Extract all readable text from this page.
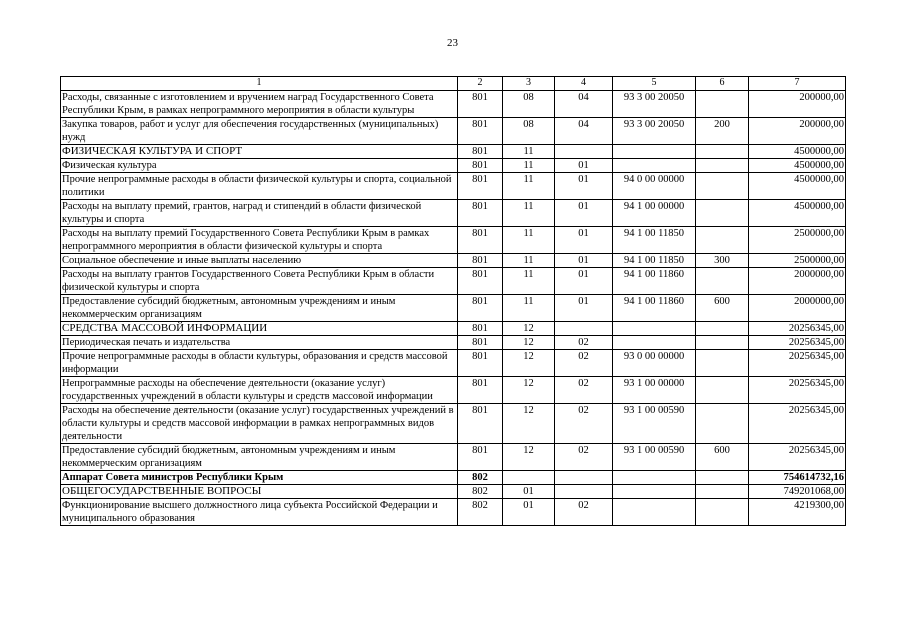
23
1	2	3	4	5	6	7
Расходы, связанные с изготовлением и вручением наград Государственного Совета Республики Крым, в рамках непрограммного мероприятия в области культуры	801	08	04	93 3 00 20050		200000,00
Закупка товаров, работ и услуг для обеспечения государственных (муниципальных) нужд	801	08	04	93 3 00 20050	200	200000,00
ФИЗИЧЕСКАЯ КУЛЬТУРА И СПОРТ	801	11				4500000,00
Физическая культура	801	11	01			4500000,00
Прочие непрограммные расходы в области физической культуры и спорта, социальной политики	801	11	01	94 0 00 00000		4500000,00
Расходы на выплату премий, грантов, наград и стипендий в области физической культуры и спорта	801	11	01	94 1 00 00000		4500000,00
Расходы на выплату премий Государственного Совета Республики Крым в рамках непрограммного мероприятия в области физической культуры и спорта	801	11	01	94 1 00 11850		2500000,00
Социальное обеспечение и иные выплаты населению	801	11	01	94 1 00 11850	300	2500000,00
Расходы на выплату грантов Государственного Совета Республики Крым в области физической культуры и спорта	801	11	01	94 1 00 11860		2000000,00
Предоставление субсидий бюджетным, автономным учреждениям и иным некоммерческим организациям	801	11	01	94 1 00 11860	600	2000000,00
СРЕДСТВА МАССОВОЙ ИНФОРМАЦИИ	801	12				20256345,00
Периодическая печать и издательства	801	12	02			20256345,00
Прочие непрограммные расходы в области культуры, образования и средств массовой информации	801	12	02	93 0 00 00000		20256345,00
Непрограммные расходы на обеспечение деятельности (оказание услуг) государственных учреждений в области культуры и средств массовой информации	801	12	02	93 1 00 00000		20256345,00
Расходы на обеспечение деятельности (оказание услуг) государственных учреждений в области культуры и средств массовой информации в рамках непрограммных видов деятельности	801	12	02	93 1 00 00590		20256345,00
Предоставление субсидий бюджетным, автономным учреждениям и иным некоммерческим организациям	801	12	02	93 1 00 00590	600	20256345,00
Аппарат Совета министров Республики Крым	802					754614732,16
ОБЩЕГОСУДАРСТВЕННЫЕ ВОПРОСЫ	802	01				749201068,00
Функционирование высшего должностного лица субъекта Российской Федерации и муниципального образования	802	01	02			4219300,00
